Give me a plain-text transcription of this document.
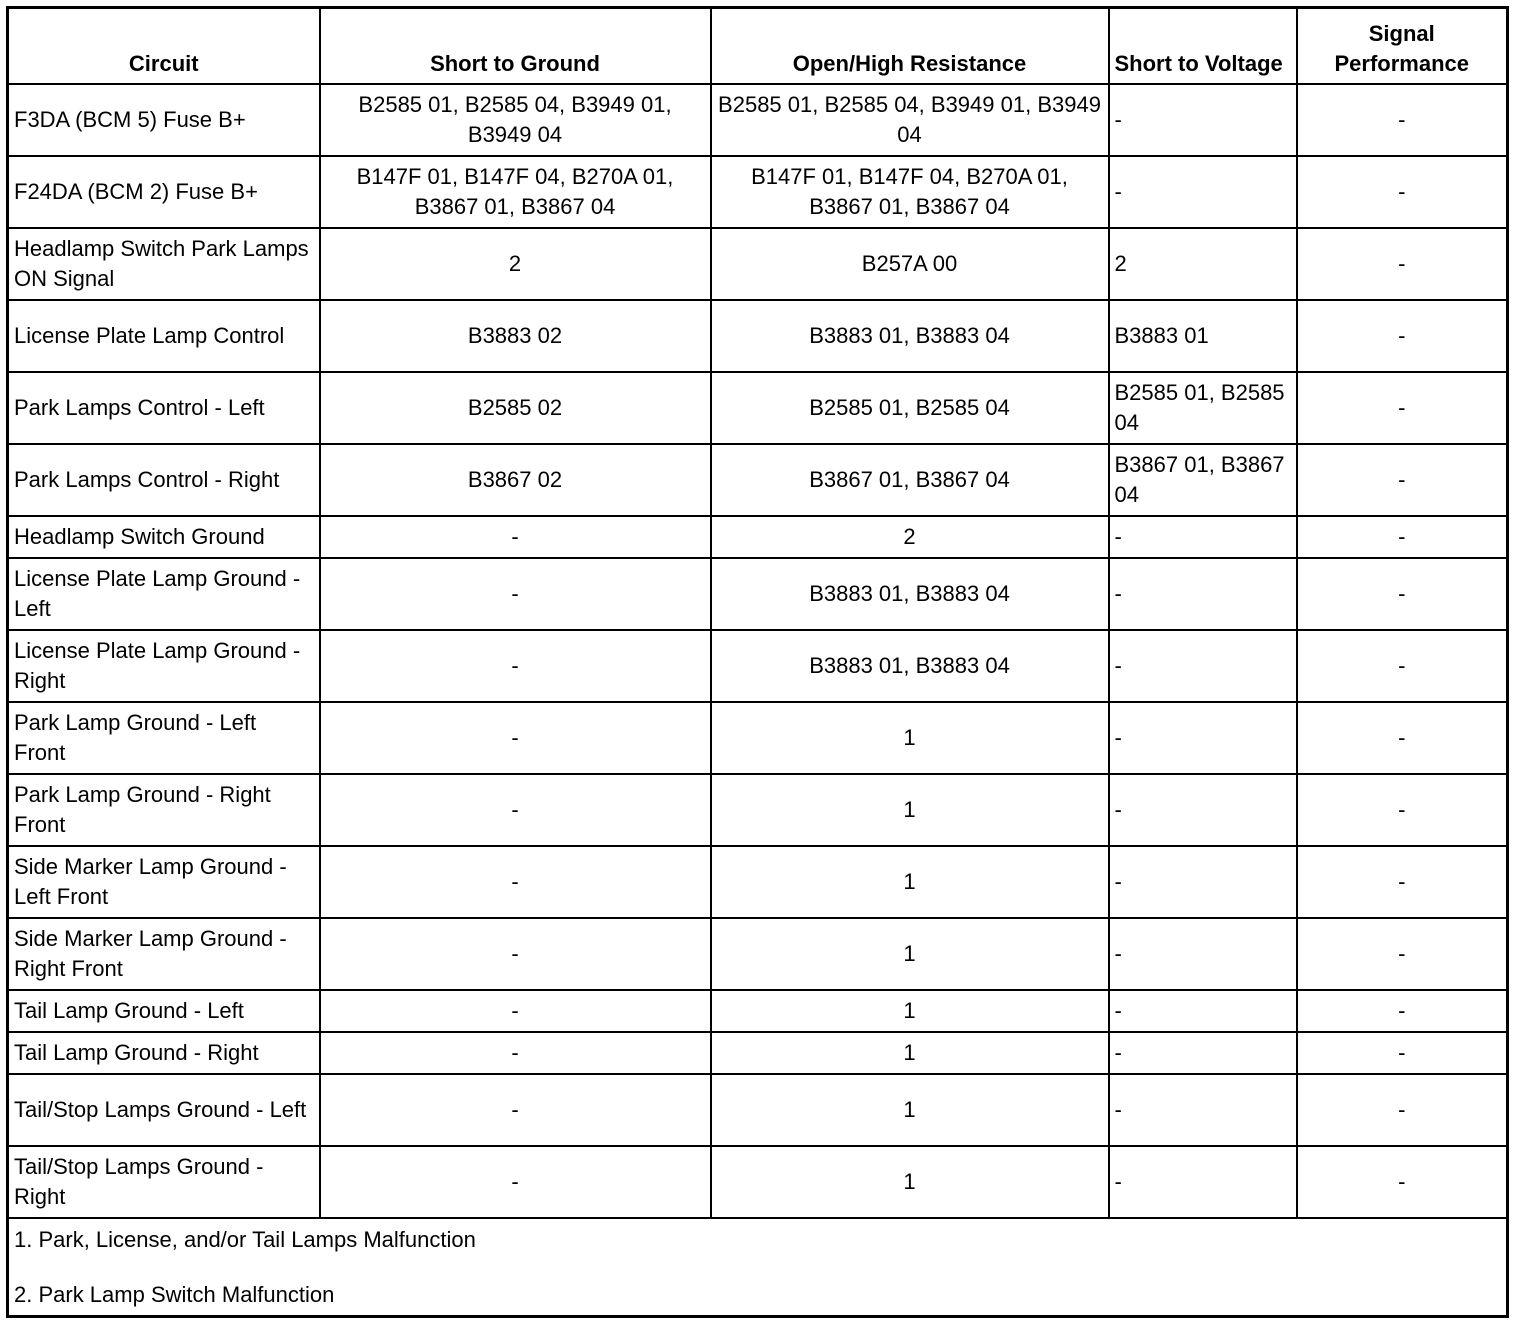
Circuit	Short to Ground	Open/High Resistance	Short to Voltage	Signal Performance
F3DA (BCM 5) Fuse B+	B2585 01, B2585 04, B3949 01, B3949 04	B2585 01, B2585 04, B3949 01, B3949 04	-	-
F24DA (BCM 2) Fuse B+	B147F 01, B147F 04, B270A 01, B3867 01, B3867 04	B147F 01, B147F 04, B270A 01, B3867 01, B3867 04	-	-
Headlamp Switch Park Lamps ON Signal	2	B257A 00	2	-
License Plate Lamp Control	B3883 02	B3883 01, B3883 04	B3883 01	-
Park Lamps Control - Left	B2585 02	B2585 01, B2585 04	B2585 01, B2585 04	-
Park Lamps Control - Right	B3867 02	B3867 01, B3867 04	B3867 01, B3867 04	-
Headlamp Switch Ground	-	2	-	-
License Plate Lamp Ground - Left	-	B3883 01, B3883 04	-	-
License Plate Lamp Ground - Right	-	B3883 01, B3883 04	-	-
Park Lamp Ground - Left Front	-	1	-	-
Park Lamp Ground - Right Front	-	1	-	-
Side Marker Lamp Ground - Left Front	-	1	-	-
Side Marker Lamp Ground - Right Front	-	1	-	-
Tail Lamp Ground - Left	-	1	-	-
Tail Lamp Ground - Right	-	1	-	-
Tail/Stop Lamps Ground - Left	-	1	-	-
Tail/Stop Lamps Ground - Right	-	1	-	-

1. Park, License, and/or Tail Lamps Malfunction
2. Park Lamp Switch Malfunction				
